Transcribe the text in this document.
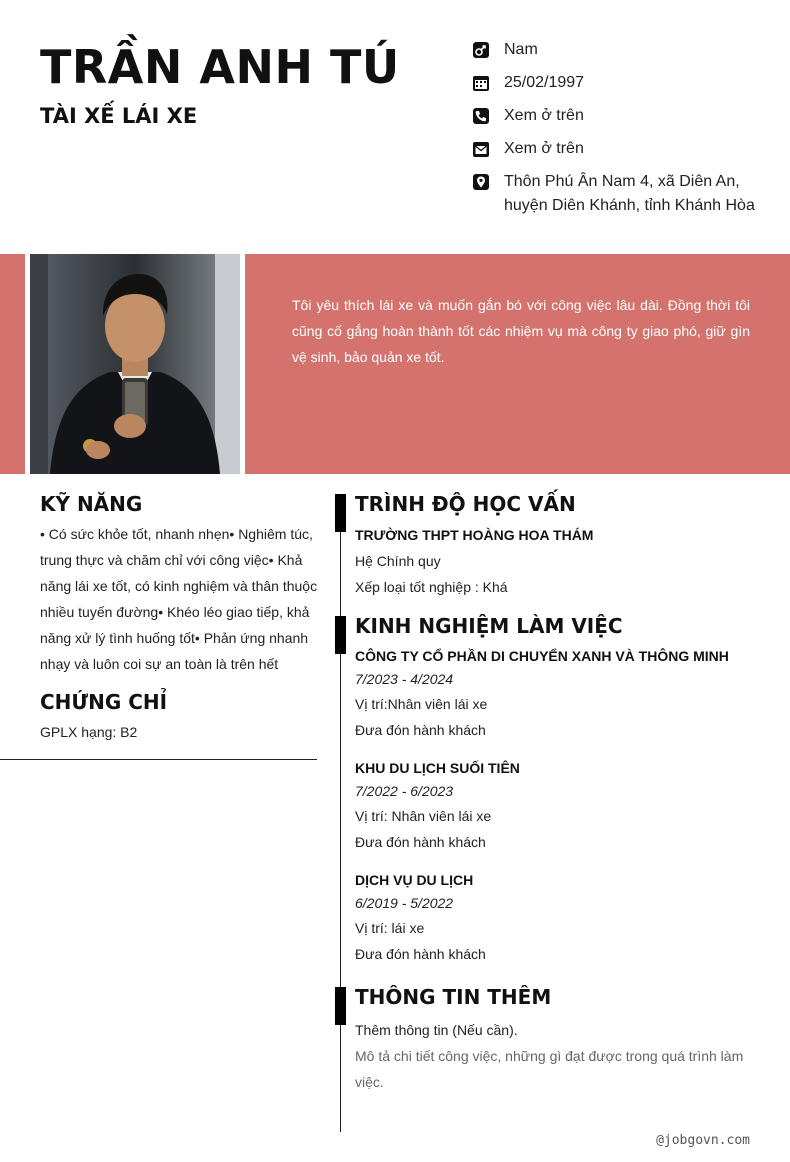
TRẦN ANH TÚ
TÀI XẾ LÁI XE
Nam
25/02/1997
Xem ở trên
Xem ở trên
Thôn Phú Ân Nam 4, xã Diên An,
huyện Diên Khánh, tỉnh Khánh Hòa
Tôi yêu thích lái xe và muốn gắn bó với công việc lâu dài. Đồng thời tôi cũng cố gắng hoàn thành tốt các nhiệm vụ mà công ty giao phó, giữ gìn vệ sinh, bảo quản xe tốt.
KỸ NĂNG
• Có sức khỏe tốt, nhanh nhẹn• Nghiêm túc, trung thực và chăm chỉ với công việc• Khả năng lái xe tốt, có kinh nghiệm và thân thuộc nhiều tuyến đường• Khéo léo giao tiếp, khả năng xử lý tình huống tốt• Phản ứng nhanh nhạy và luôn coi sự an toàn là trên hết
CHỨNG CHỈ
GPLX hạng: B2
TRÌNH ĐỘ HỌC VẤN
TRƯỜNG THPT HOÀNG HOA THÁM
Hệ Chính quy
Xếp loại tốt nghiệp : Khá
KINH NGHIỆM LÀM VIỆC
CÔNG TY CỔ PHẦN DI CHUYỂN XANH VÀ THÔNG MINH
7/2023 - 4/2024
Vị trí:Nhân viên lái xe
Đưa đón hành khách
KHU DU LỊCH SUỐI TIÊN
7/2022 - 6/2023
Vị trí: Nhân viên lái xe
Đưa đón hành khách
DỊCH VỤ DU LỊCH
6/2019 - 5/2022
Vị trí: lái xe
Đưa đón hành khách
THÔNG TIN THÊM
Thêm thông tin (Nếu cần).
Mô tả chi tiết công việc, những gì đạt được trong quá trình làm việc.
@jobgovn.com
